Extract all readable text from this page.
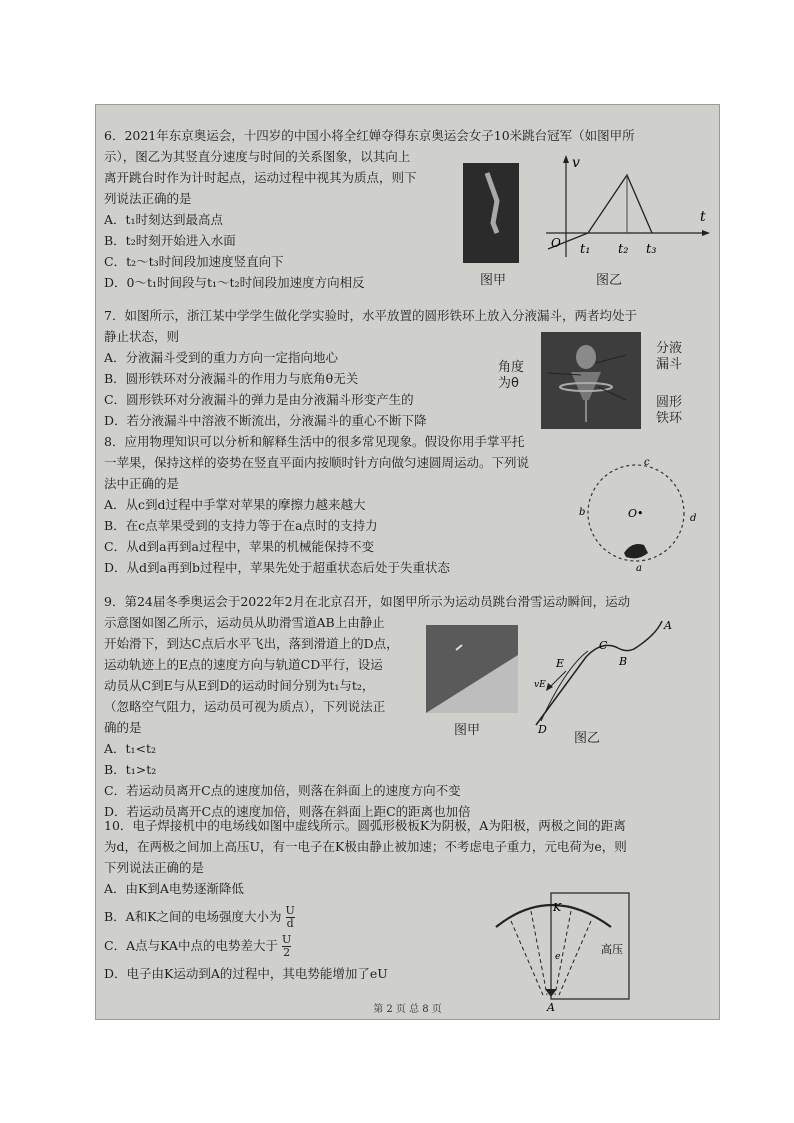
6．2021年东京奥运会，十四岁的中国小将全红婵夺得东京奥运会女子10米跳台冠军（如图甲所

示），图乙为其竖直分速度与时间的关系图象，以其向上

离开跳台时作为计时起点，运动过程中视其为质点，则下

列说法正确的是

A．t₁时刻达到最高点

B．t₂时刻开始进入水面

C．t₂～t₃时间段加速度竖直向下

D．0～t₁时间段与t₁～t₂时间段加速度方向相反	图甲
v
t
O t₁ t₂ t₃
图乙

7．如图所示，浙江某中学学生做化学实验时，水平放置的圆形铁环上放入分液漏斗，两者均处于

静止状态，则

A．分液漏斗受到的重力方向一定指向地心

B．圆形铁环对分液漏斗的作用力与底角θ无关

C．圆形铁环对分液漏斗的弹力是由分液漏斗形变产生的

D．若分液漏斗中溶液不断流出，分液漏斗的重心不断下降

角度
为θ
分液
漏斗
圆形
铁环

8．应用物理知识可以分析和解释生活中的很多常见现象。假设你用手掌平托

一苹果，保持这样的姿势在竖直平面内按顺时针方向做匀速圆周运动。下列说

法中正确的是

A．从c到d过程中手掌对苹果的摩擦力越来越大

B．在c点苹果受到的支持力等于在a点时的支持力

C．从d到a再到a过程中，苹果的机械能保持不变

D．从d到a再到b过程中，苹果先处于超重状态后处于失重状态

c
b
d
a
O•

9．第24届冬季奥运会于2022年2月在北京召开，如图甲所示为运动员跳台滑雪运动瞬间，运动

示意图如图乙所示，运动员从助滑雪道AB上由静止

开始滑下，到达C点后水平飞出，落到滑道上的D点，

运动轨迹上的E点的速度方向与轨道CD平行，设运

动员从C到E与从E到D的运动时间分别为t₁与t₂，

（忽略空气阻力，运动员可视为质点），下列说法正

确的是

A．t₁<t₂

B．t₁>t₂

C．若运动员离开C点的速度加倍，则落在斜面上的速度方向不变

D．若运动员离开C点的速度加倍，则落在斜面上距C的距离也加倍

图甲
A
B
C
D
E
vE
图乙

10．电子焊接机中的电场线如图中虚线所示。圆弧形极板K为阴极，A为阳极，两极之间的距离

为d，在两极之间加上高压U，有一电子在K极由静止被加速；不考虑电子重力，元电荷为e，则

下列说法正确的是

A．由K到A电势逐渐降低

B．A和K之间的电场强度大小为 $\frac{U}{d}$

C．A点与KA中点的电势差大于 $\frac{U}{2}$

D．电子由K运动到A的过程中，其电势能增加了eU

K
e
A
高压
第 2 页 总 8 页
